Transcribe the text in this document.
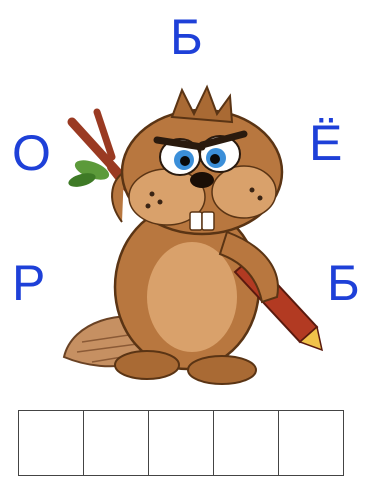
Б
О	Ё
Р	Б
